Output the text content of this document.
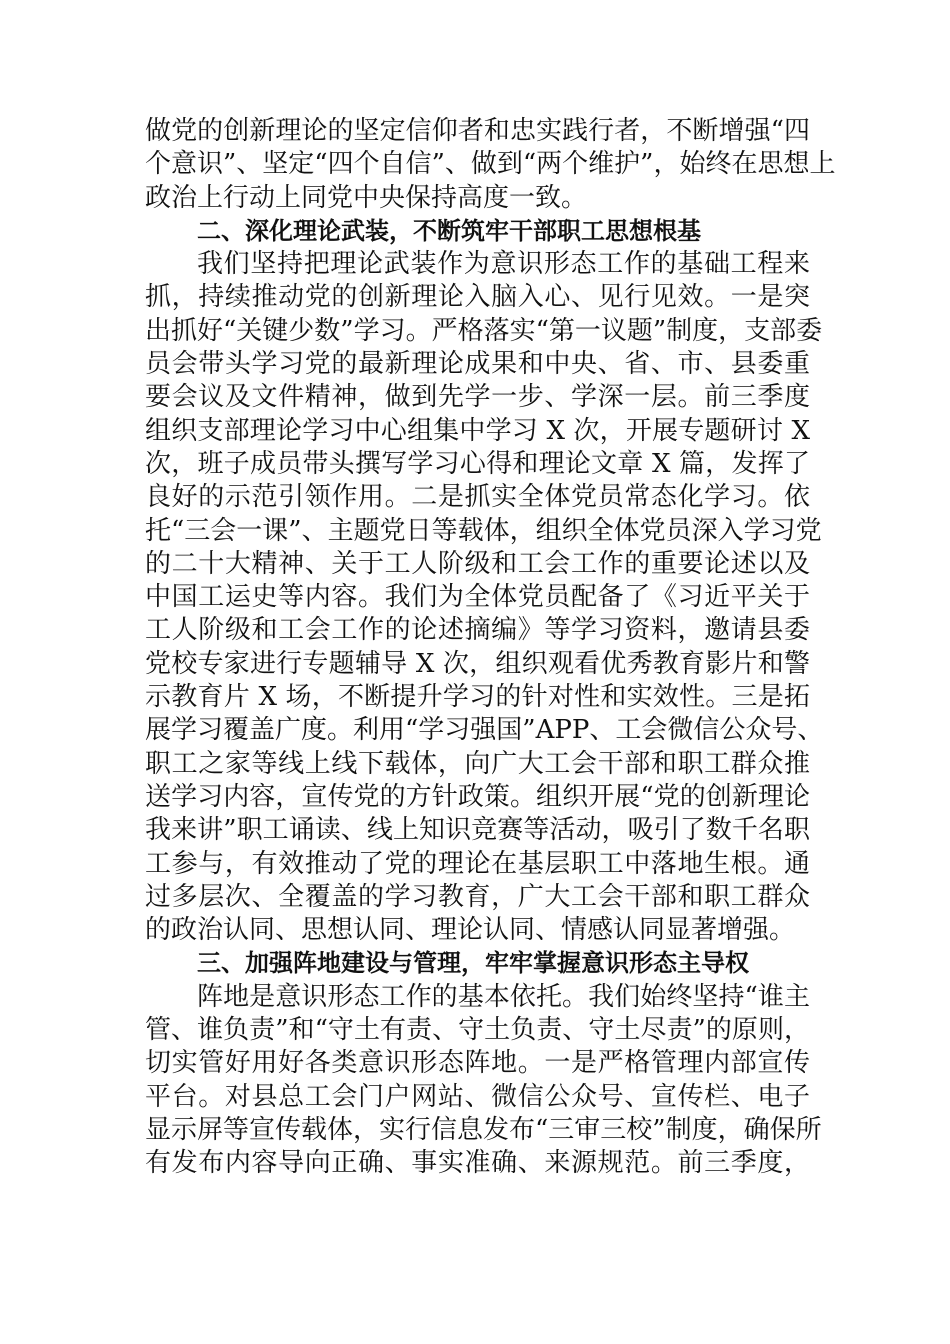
做党的创新理论的坚定信仰者和忠实践行者，不断增强“四
个意识”、坚定“四个自信”、做到“两个维护”，始终在思想上
政治上行动上同党中央保持高度一致。
二、深化理论武装，不断筑牢干部职工思想根基
我们坚持把理论武装作为意识形态工作的基础工程来
抓，持续推动党的创新理论入脑入心、见行见效。一是突
出抓好“关键少数”学习。严格落实“第一议题”制度，支部委
员会带头学习党的最新理论成果和中央、省、市、县委重
要会议及文件精神，做到先学一步、学深一层。前三季度
组织支部理论学习中心组集中学习 X 次，开展专题研讨 X
次，班子成员带头撰写学习心得和理论文章 X 篇，发挥了
良好的示范引领作用。二是抓实全体党员常态化学习。依
托“三会一课”、主题党日等载体，组织全体党员深入学习党
的二十大精神、关于工人阶级和工会工作的重要论述以及
中国工运史等内容。我们为全体党员配备了《习近平关于
工人阶级和工会工作的论述摘编》等学习资料，邀请县委
党校专家进行专题辅导 X 次，组织观看优秀教育影片和警
示教育片 X 场，不断提升学习的针对性和实效性。三是拓
展学习覆盖广度。利用“学习强国”APP、工会微信公众号、
职工之家等线上线下载体，向广大工会干部和职工群众推
送学习内容，宣传党的方针政策。组织开展“党的创新理论
我来讲”职工诵读、线上知识竞赛等活动，吸引了数千名职
工参与，有效推动了党的理论在基层职工中落地生根。通
过多层次、全覆盖的学习教育，广大工会干部和职工群众
的政治认同、思想认同、理论认同、情感认同显著增强。
三、加强阵地建设与管理，牢牢掌握意识形态主导权
阵地是意识形态工作的基本依托。我们始终坚持“谁主
管、谁负责”和“守土有责、守土负责、守土尽责”的原则，
切实管好用好各类意识形态阵地。一是严格管理内部宣传
平台。对县总工会门户网站、微信公众号、宣传栏、电子
显示屏等宣传载体，实行信息发布“三审三校”制度，确保所
有发布内容导向正确、事实准确、来源规范。前三季度，
